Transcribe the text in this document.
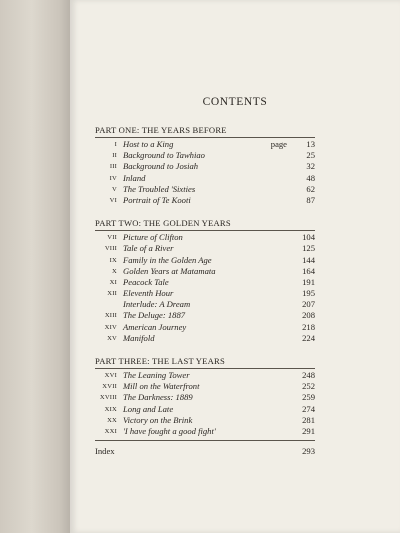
CONTENTS
PART ONE: THE YEARS BEFORE
I Host to a King	page 13
II Background to Tawhiao	25
III Background to Josiah	32
IV Inland	48
V The Troubled 'Sixties	62
VI Portrait of Te Kooti	87
PART TWO: THE GOLDEN YEARS
VII Picture of Clifton	104
VIII Tale of a River	125
IX Family in the Golden Age	144
X Golden Years at Matamata	164
XI Peacock Tale	191
XII Eleventh Hour	195
Interlude: A Dream	207
XIII The Deluge: 1887	208
XIV American Journey	218
XV Manifold	224
PART THREE: THE LAST YEARS
XVI The Leaning Tower	248
XVII Mill on the Waterfront	252
XVIII The Darkness: 1889	259
XIX Long and Late	274
XX Victory on the Brink	281
XXI 'I have fought a good fight'	291
Index	293
